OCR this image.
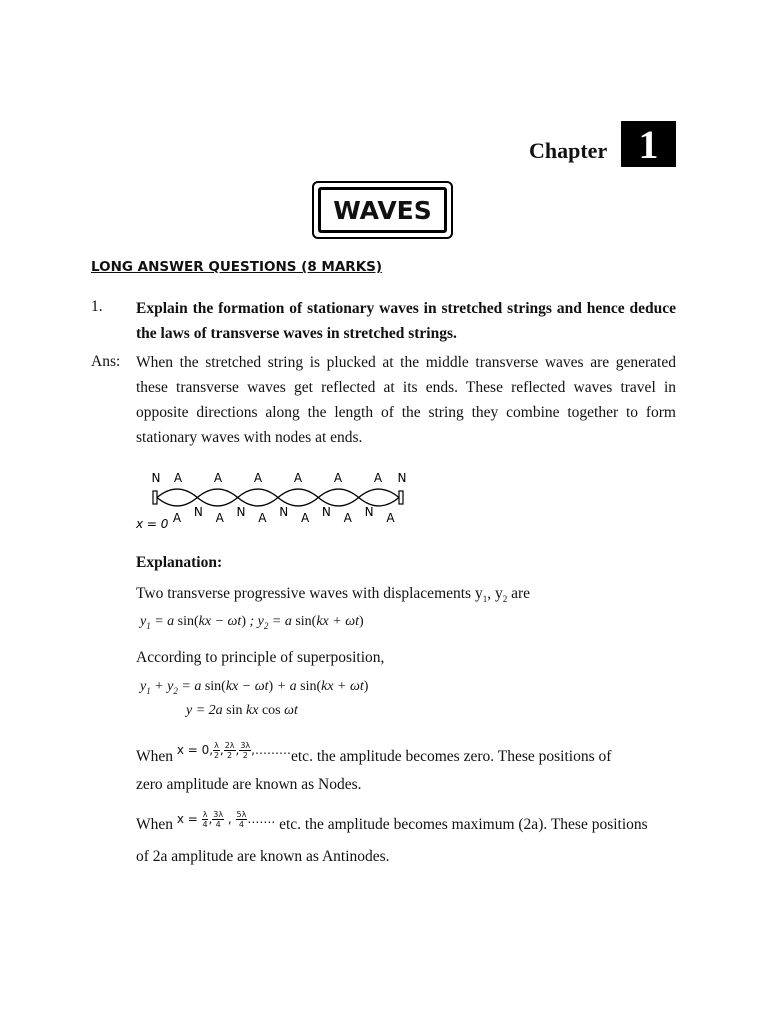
Chapter 1
WAVES
LONG ANSWER QUESTIONS (8 MARKS)
1. Explain the formation of stationary waves in stretched strings and hence deduce the laws of transverse waves in stretched strings.
Ans: When the stretched string is plucked at the middle transverse waves are generated these transverse waves get reflected at its ends. These reflected waves travel in opposite directions along the length of the string they combine together to form stationary waves with nodes at ends.
N A	A	A	A	A	A N
A N A N A N A N A N A
x = 0
Explanation:
Two transverse progressive waves with displacements $y_1$, $y_2$ are
$y_1 = a$ sin(kx − ωt) ; $y_2 = a$ sin(kx + ωt)
According to principle of superposition,
$y_1 + y_2 = a$ sin(kx − ωt) + a sin(kx + ωt)
y = 2a sin kx cos ωt
When $^{x = 0, \frac{\lambda}{2} , \frac{2\lambda}{2} , \frac{3\lambda}{2} ,\dots\dots\dots}$etc. the amplitude becomes zero. These positions of
zero amplitude are known as Nodes.
When $^{x = \frac{\lambda}{4} , \frac{3\lambda}{4} , \frac{5\lambda}{4} \dots\dots.}$ etc. the amplitude becomes maximum (2a). These positions
of 2a amplitude are known as Antinodes.
